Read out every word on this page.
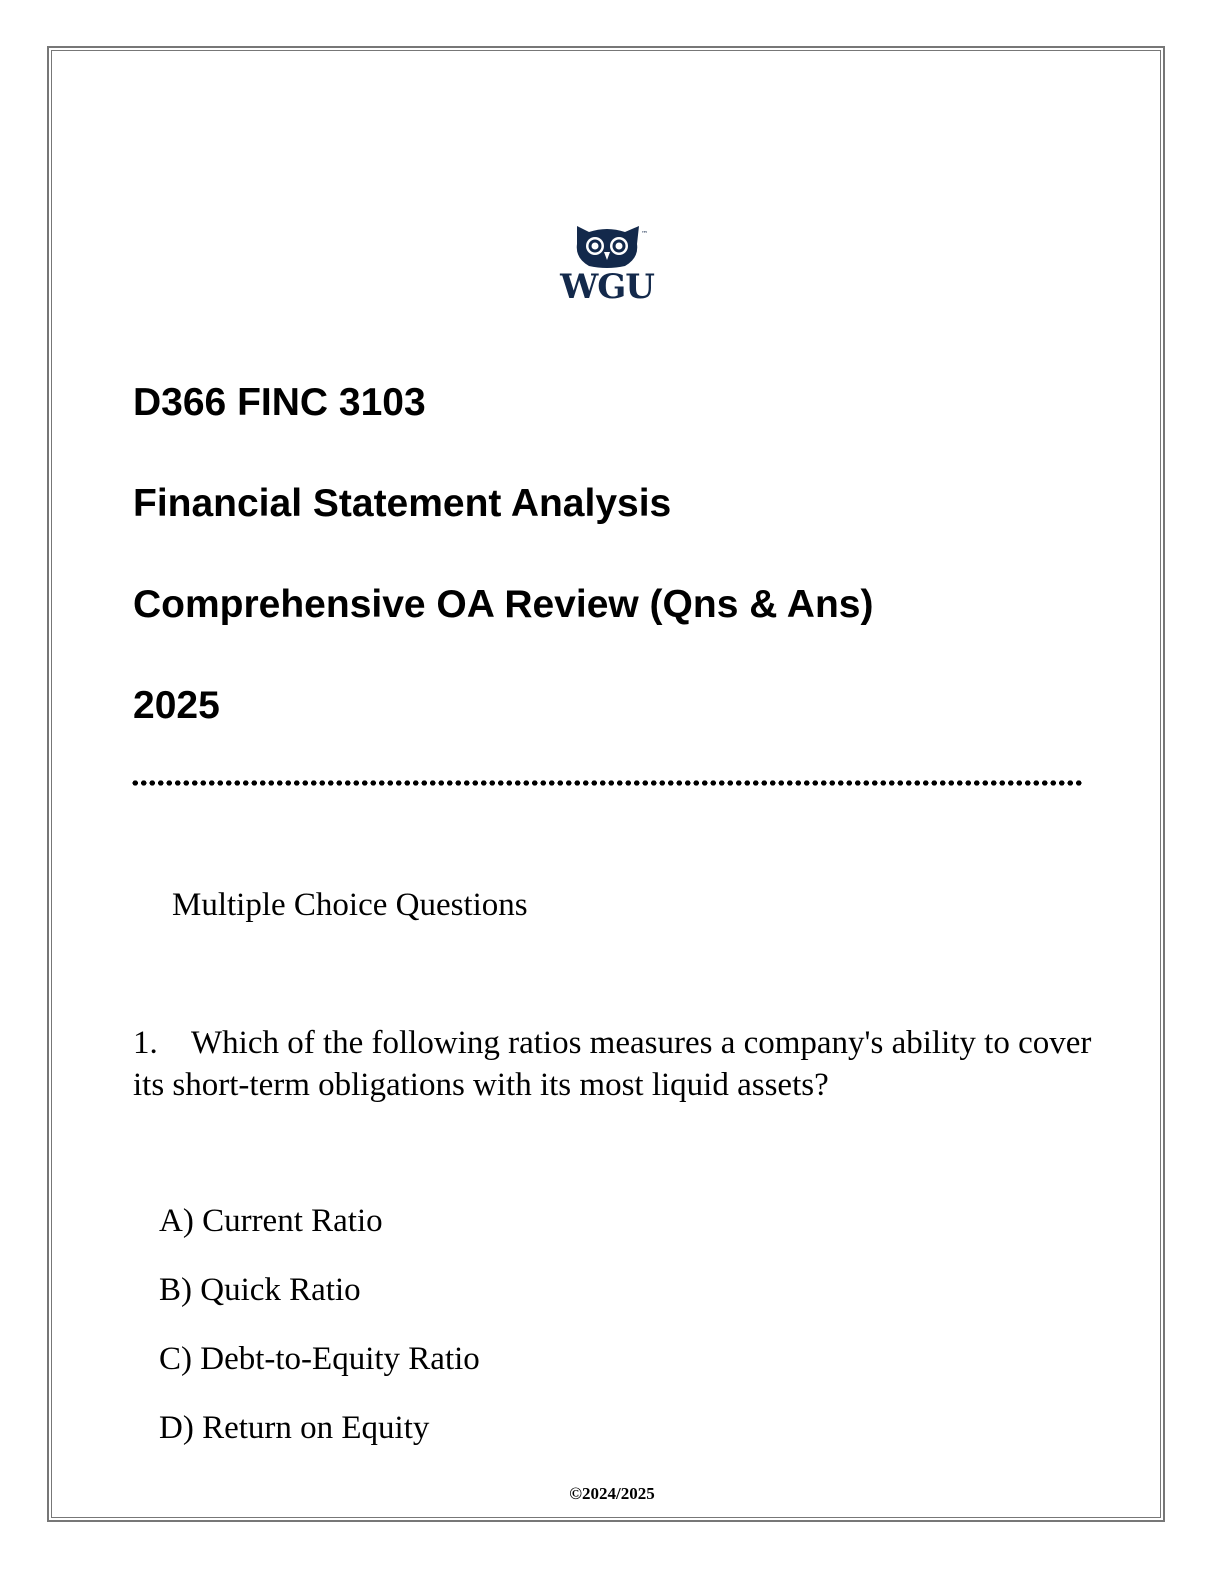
™
WGU
D366 FINC 3103
Financial Statement Analysis
Comprehensive OA Review (Qns & Ans)
2025
Multiple Choice Questions

1. Which of the following ratios measures a company's ability to cover its short-term obligations with its most liquid assets?

A) Current Ratio
B) Quick Ratio
C) Debt-to-Equity Ratio
D) Return on Equity
©2024/2025
